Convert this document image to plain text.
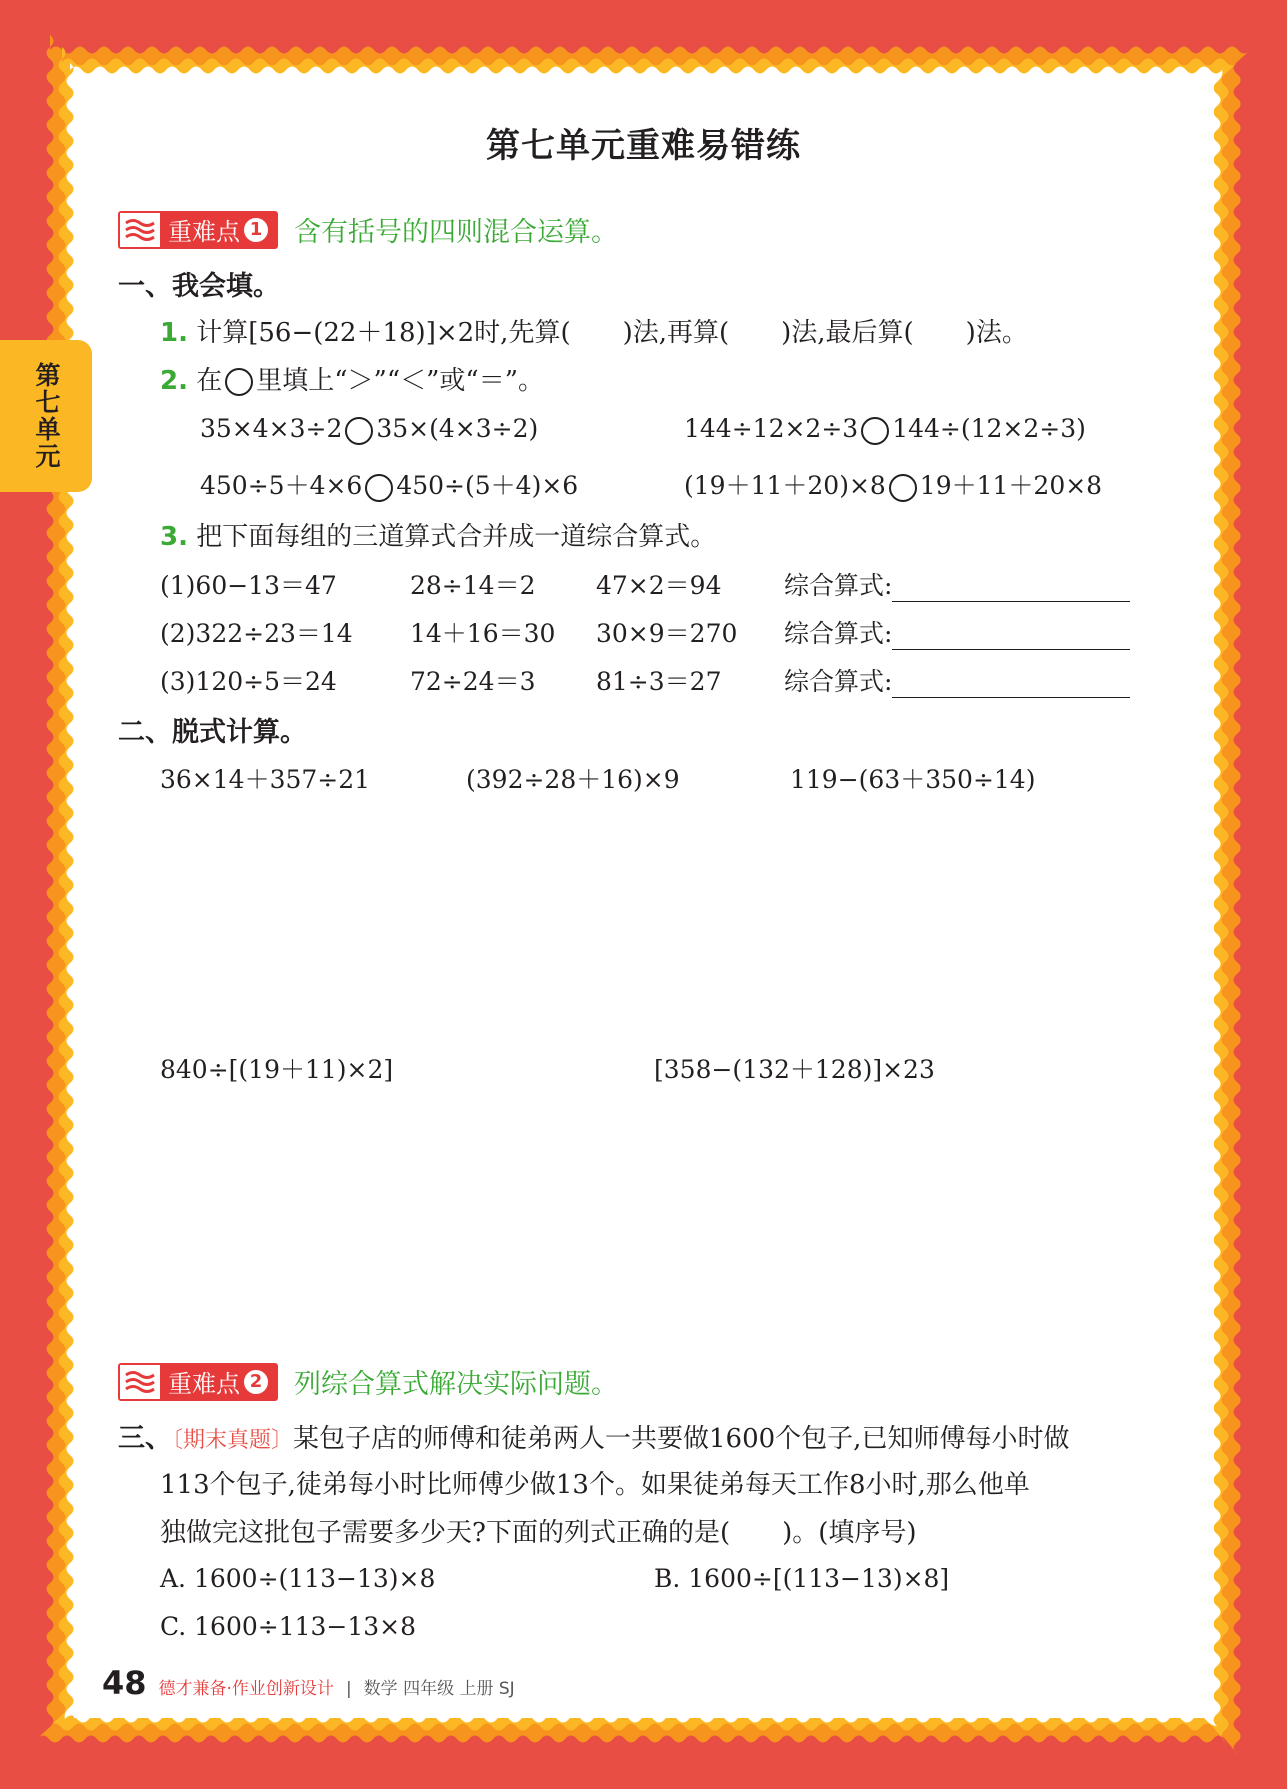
第七单元
第七单元重难易错练
重难点 1 含有括号的四则混合运算。
一、我会填。
1. 计算[56−(22＋18)]×2时,先算(　　)法,再算(　　)法,最后算(　　)法。
2. 在 里填上“＞”“＜”或“＝”。
35×4×3÷2 35×(4×3÷2)	144÷12×2÷3 144÷(12×2÷3)
450÷5＋4×6 450÷(5＋4)×6	(19＋11＋20)×8 19＋11＋20×8
3. 把下面每组的三道算式合并成一道综合算式。
(1)60−13＝47	28÷14＝2 47×2＝94	综合算式:
(2)322÷23＝14 14＋16＝30 30×9＝270 综合算式:
(3)120÷5＝24	72÷24＝3 81÷3＝27	综合算式:
二、脱式计算。
36×14＋357÷21	(392÷28＋16)×9	119−(63＋350÷14)
840÷[(19＋11)×2]	[358−(132＋128)]×23
重难点 2 列综合算式解决实际问题。
三、〔期末真题〕某包子店的师傅和徒弟两人一共要做1600个包子,已知师傅每小时做
113个包子,徒弟每小时比师傅少做13个。如果徒弟每天工作8小时,那么他单
独做完这批包子需要多少天?下面的列式正确的是(　　)。(填序号)
A. 1600÷(113−13)×8	B. 1600÷[(113−13)×8]
C. 1600÷113−13×8
48 德才兼备·作业创新设计 | 数学 四年级 上册 SJ
